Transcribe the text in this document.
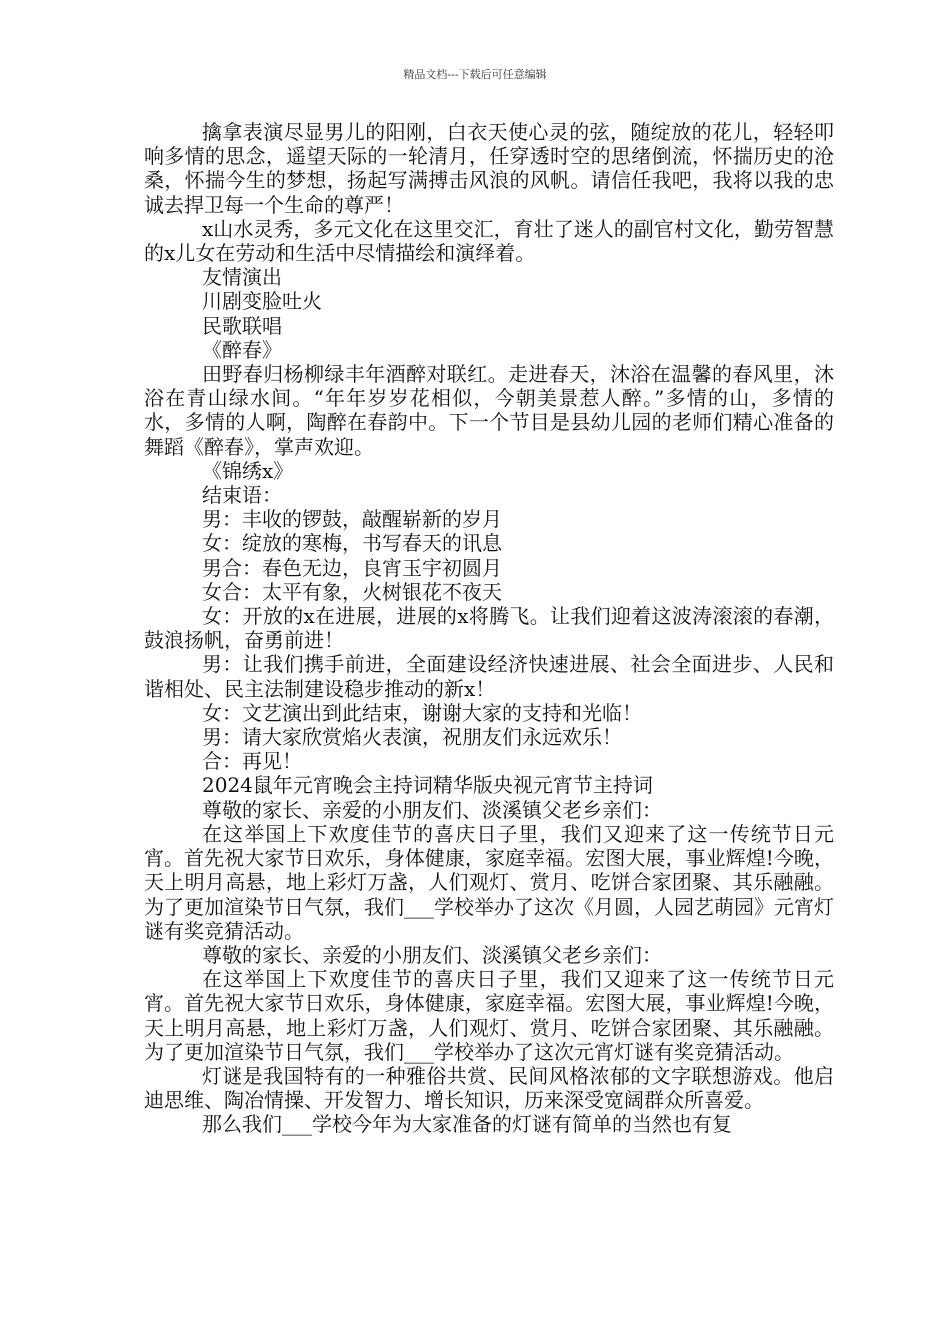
精品文档---下载后可任意编辑

擒拿表演尽显男儿的阳刚，白衣天使心灵的弦，随绽放的花儿，轻轻叩响多情的思念，遥望天际的一轮清月，任穿透时空的思绪倒流，怀揣历史的沧桑，怀揣今生的梦想，扬起写满搏击风浪的风帆。请信任我吧，我将以我的忠诚去捍卫每一个生命的尊严！

x山水灵秀，多元文化在这里交汇，育壮了迷人的副官村文化，勤劳智慧的x儿女在劳动和生活中尽情描绘和演绎着。

友情演出

川剧变脸吐火

民歌联唱

《醉春》

田野春归杨柳绿丰年酒醉对联红。走进春天，沐浴在温馨的春风里，沐浴在青山绿水间。“年年岁岁花相似，今朝美景惹人醉。”多情的山，多情的水，多情的人啊，陶醉在春韵中。下一个节目是县幼儿园的老师们精心准备的舞蹈《醉春》，掌声欢迎。

《锦绣x》

结束语：

男：丰收的锣鼓，敲醒崭新的岁月

女：绽放的寒梅，书写春天的讯息

男合：春色无边，良宵玉宇初圆月

女合：太平有象，火树银花不夜天

女：开放的x在进展，进展的x将腾飞。让我们迎着这波涛滚滚的春潮，鼓浪扬帆，奋勇前进！

男：让我们携手前进，全面建设经济快速进展、社会全面进步、人民和谐相处、民主法制建设稳步推动的新x！

女：文艺演出到此结束，谢谢大家的支持和光临！

男：请大家欣赏焰火表演，祝朋友们永远欢乐！

合：再见！

2024鼠年元宵晚会主持词精华版央视元宵节主持词

尊敬的家长、亲爱的小朋友们、淡溪镇父老乡亲们：

在这举国上下欢度佳节的喜庆日子里，我们又迎来了这一传统节日元宵。首先祝大家节日欢乐，身体健康，家庭幸福。宏图大展，事业辉煌!今晚，天上明月高悬，地上彩灯万盏，人们观灯、赏月、吃饼合家团聚、其乐融融。为了更加渲染节日气氛，我们___学校举办了这次《月圆，人园艺萌园》元宵灯谜有奖竞猜活动。

尊敬的家长、亲爱的小朋友们、淡溪镇父老乡亲们：

在这举国上下欢度佳节的喜庆日子里，我们又迎来了这一传统节日元宵。首先祝大家节日欢乐，身体健康，家庭幸福。宏图大展，事业辉煌!今晚，天上明月高悬，地上彩灯万盏，人们观灯、赏月、吃饼合家团聚、其乐融融。为了更加渲染节日气氛，我们___学校举办了这次元宵灯谜有奖竞猜活动。

灯谜是我国特有的一种雅俗共赏、民间风格浓郁的文字联想游戏。他启迪思维、陶冶情操、开发智力、增长知识，历来深受宽阔群众所喜爱。

那么我们___学校今年为大家准备的灯谜有简单的当然也有复
